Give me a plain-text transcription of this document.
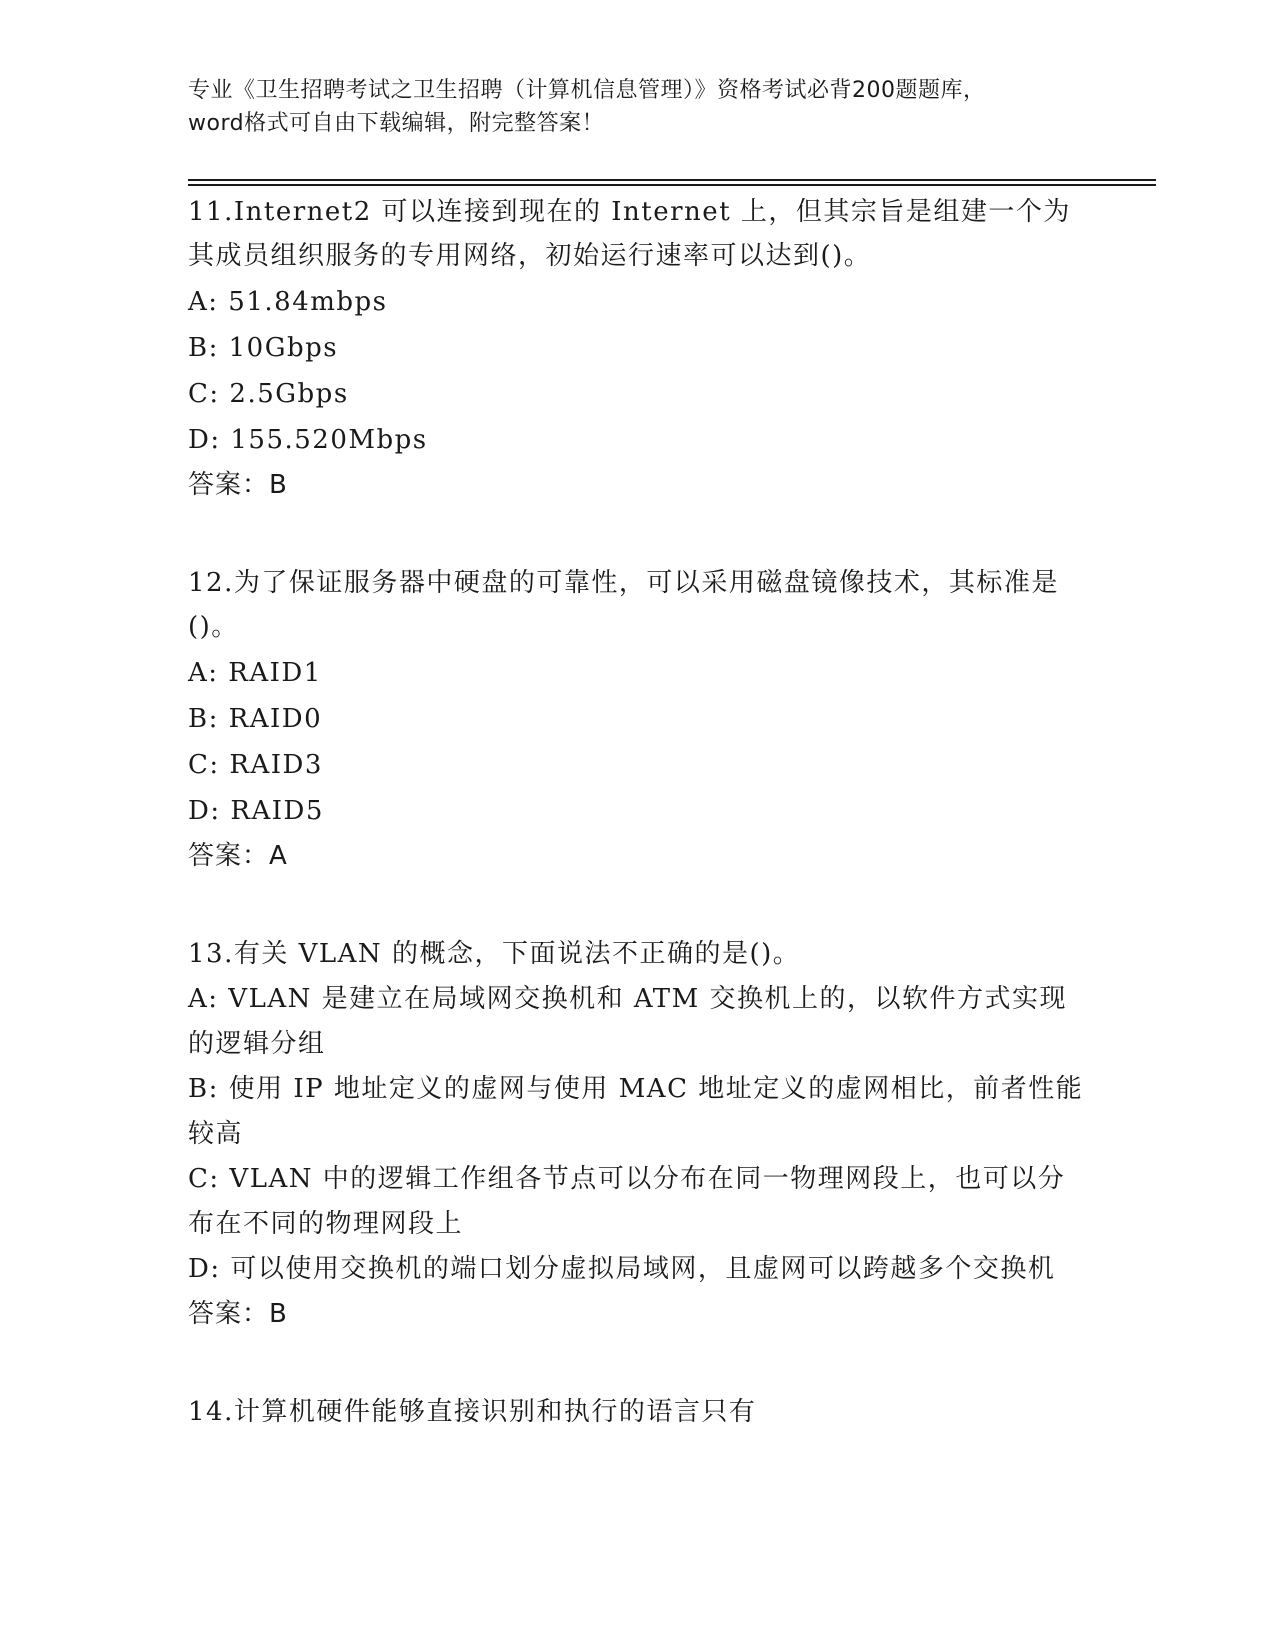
专业《卫生招聘考试之卫生招聘（计算机信息管理）》资格考试必背200题题库，
word格式可自由下载编辑，附完整答案！
11.Internet2 可以连接到现在的 Internet 上，但其宗旨是组建一个为其成员组织服务的专用网络，初始运行速率可以达到()。
A: 51.84mbps
B: 10Gbps
C: 2.5Gbps
D: 155.520Mbps
答案：B
12.为了保证服务器中硬盘的可靠性，可以采用磁盘镜像技术，其标准是()。
A: RAID1
B: RAID0
C: RAID3
D: RAID5
答案：A
13.有关 VLAN 的概念，下面说法不正确的是()。
A: VLAN 是建立在局域网交换机和 ATM 交换机上的，以软件方式实现的逻辑分组
B: 使用 IP 地址定义的虚网与使用 MAC 地址定义的虚网相比，前者性能较高
C: VLAN 中的逻辑工作组各节点可以分布在同一物理网段上，也可以分布在不同的物理网段上
D: 可以使用交换机的端口划分虚拟局域网，且虚网可以跨越多个交换机
答案：B
14.计算机硬件能够直接识别和执行的语言只有
